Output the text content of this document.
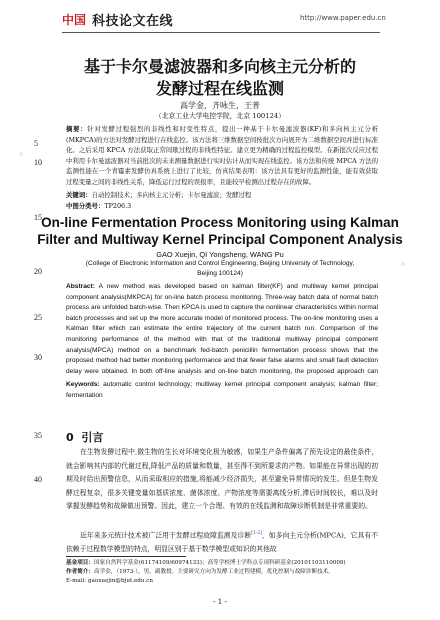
中国 科技论文在线	http://www.paper.edu.cn
✦
✦
基于卡尔曼滤波器和多向核主元分析的
发酵过程在线监测
高学金，齐咏生，王普
（北京工业大学电控学院，北京 100124）
摘要：针对发酵过程强烈的非线性和时变性特点，提出一种基于卡尔曼滤波器(KF)和多向核主元分析(MKPCA)的方法对发酵过程进行在线监控。该方法将三维数据空间按批次方向展开为二维数据空间并进行标准化。之后采用 KPCA 方法获取正常间歇过程的非线性特征。建立更为精确的过程监控模型。在新批次反应过程中利用卡尔曼滤波器对当前批次的未来测量数据进行实时估计从而实现在线监控。该方法和传统 MPCA 方法的监测性能在一个青霉素发酵仿真系统上进行了比较，仿真结果表明：该方法具有更好的监测性能，能有效获取过程变量之间的非线性关系，降低运行过程的误报率，且能较早检测出过程存在的故障。
关键词：自动控制技术；多向核主元分析；卡尔曼滤波；发酵过程
中图分类号：TP206.3
On-line Fermentation Process Monitoring using Kalman
Filter and Multiway Kernel Principal Component Analysis
GAO Xuejin, QI Yongsheng, WANG Pu
(College of Electronic Information and Control Engineering, Beijing University of Technology,
Beijing 100124)
Abstract: A new method was developed based on kalman filter(KF) and multiway kernel principal component analysis(MKPCA) for on-line batch process monitoring. Three-way batch data of normal batch process are unfolded batch-wise. Then KPCA is used to capture the nonlinear characteristics within normal batch processes and set up the more accurate model of monitored process. The on-line monitoring uses a Kalman filter which can estimate the entire trajectory of the current batch run. Comparison of the monitoring performance of the method with that of the traditional multiway principal component analysis(MPCA) method on a benchmark fed-batch penicillin fermentation process shows that the proposed method had better monitoring performance and that fewer false alarms and small fault detection delay were obtained. In both off-line analysis and on-line batch monitoring, the proposed approach can
Keywords: automatic control technology; multiway kernel principal component analysis; kalman filter; fermentation
0 引言
在生物发酵过程中,微生物的生长对环境变化极为敏感，如果生产条件偏离了预先设定的最佳条件，就会影响其内部的代谢过程,降低产品的质量和数量，甚至得不到所要求的产物。如果能在异常出现的初期及时给出预警信息，从而采取相应的措施,将能减少经济损失，甚至避免异常情况的发生。但是生物发酵过程复杂，很多关键变量如基质浓度、菌体浓度、产物浓度等需要离线分析,滞后时间较长，难以及时掌握发酵趋势和故障做出预警。因此，建立一个合理、有效的在线监测和故障诊断机制是非常重要的。
近年来多元统计技术被广泛用于发酵过程故障监测及诊断[1-2]，如多向主元分析(MPCA)，它具有不依赖于过程数学模型的特点，明显区别于基于数学模型或知识的其他故
基金项目：国家自然科学基金(61174109/60974133)；高等学校博士学科点专项科研基金(20101103110009)
作者简介：高学金，（1973-），男，副教授。主要研究方向为发酵工业过程建模，优化控制与故障诊断技术。
E-mail: gaoxuejin@bjut.edu.cn
5
10
15
20
25
30
35
40
- 1 -
